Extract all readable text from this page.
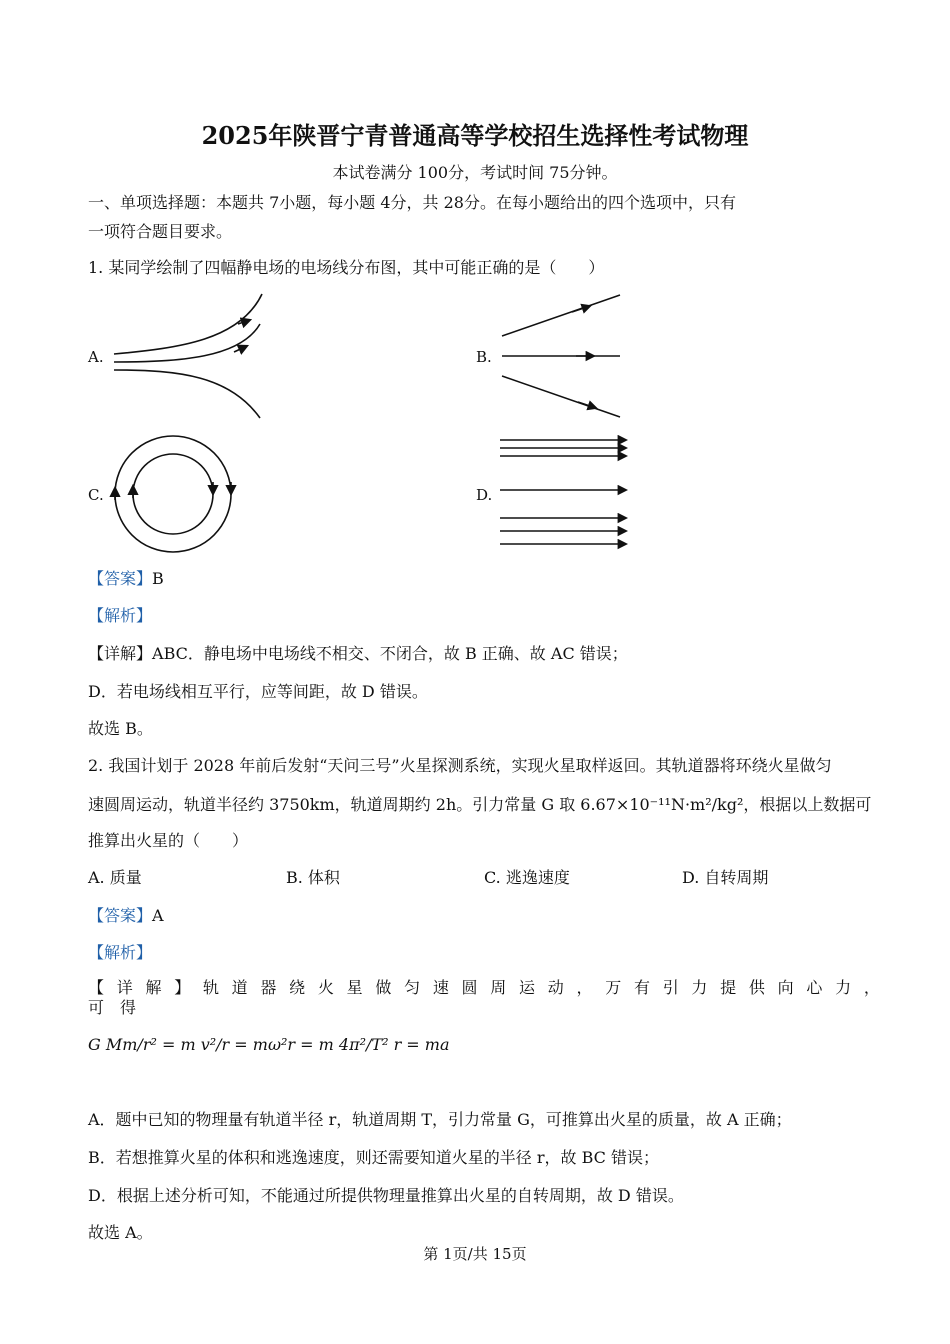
2025年陕晋宁青普通高等学校招生选择性考试物理
本试卷满分 100分，考试时间 75分钟。
一、单项选择题：本题共 7小题，每小题 4分，共 28分。在每小题给出的四个选项中，只有
一项符合题目要求。
1. 某同学绘制了四幅静电场的电场线分布图，其中可能正确的是（　　）
A.	B.
C.	D.
【答案】B
【解析】
【详解】ABC．静电场中电场线不相交、不闭合，故 B 正确、故 AC 错误；
D．若电场线相互平行，应等间距，故 D 错误。
故选 B。
2. 我国计划于 2028 年前后发射“天问三号”火星探测系统，实现火星取样返回。其轨道器将环绕火星做匀
速圆周运动，轨道半径约 3750km，轨道周期约 2h。引力常量 G 取 6.67×10⁻¹¹N·m²/kg²，根据以上数据可
推算出火星的（　　）
A. 质量	B. 体积	C. 逃逸速度	D. 自转周期
【答案】A
【解析】
【 详 解 】 轨 道 器 绕 火 星 做 匀 速 圆 周 运 动 ， 万 有 引 力 提 供 向 心 力 ，
可　得
G Mm/r² = m v²/r = mω²r = m 4π²/T² r = ma
A．题中已知的物理量有轨道半径 r，轨道周期 T，引力常量 G，可推算出火星的质量，故 A 正确；
B．若想推算火星的体积和逃逸速度，则还需要知道火星的半径 r，故 BC 错误；
D．根据上述分析可知，不能通过所提供物理量推算出火星的自转周期，故 D 错误。
故选 A。
第 1页/共 15页
